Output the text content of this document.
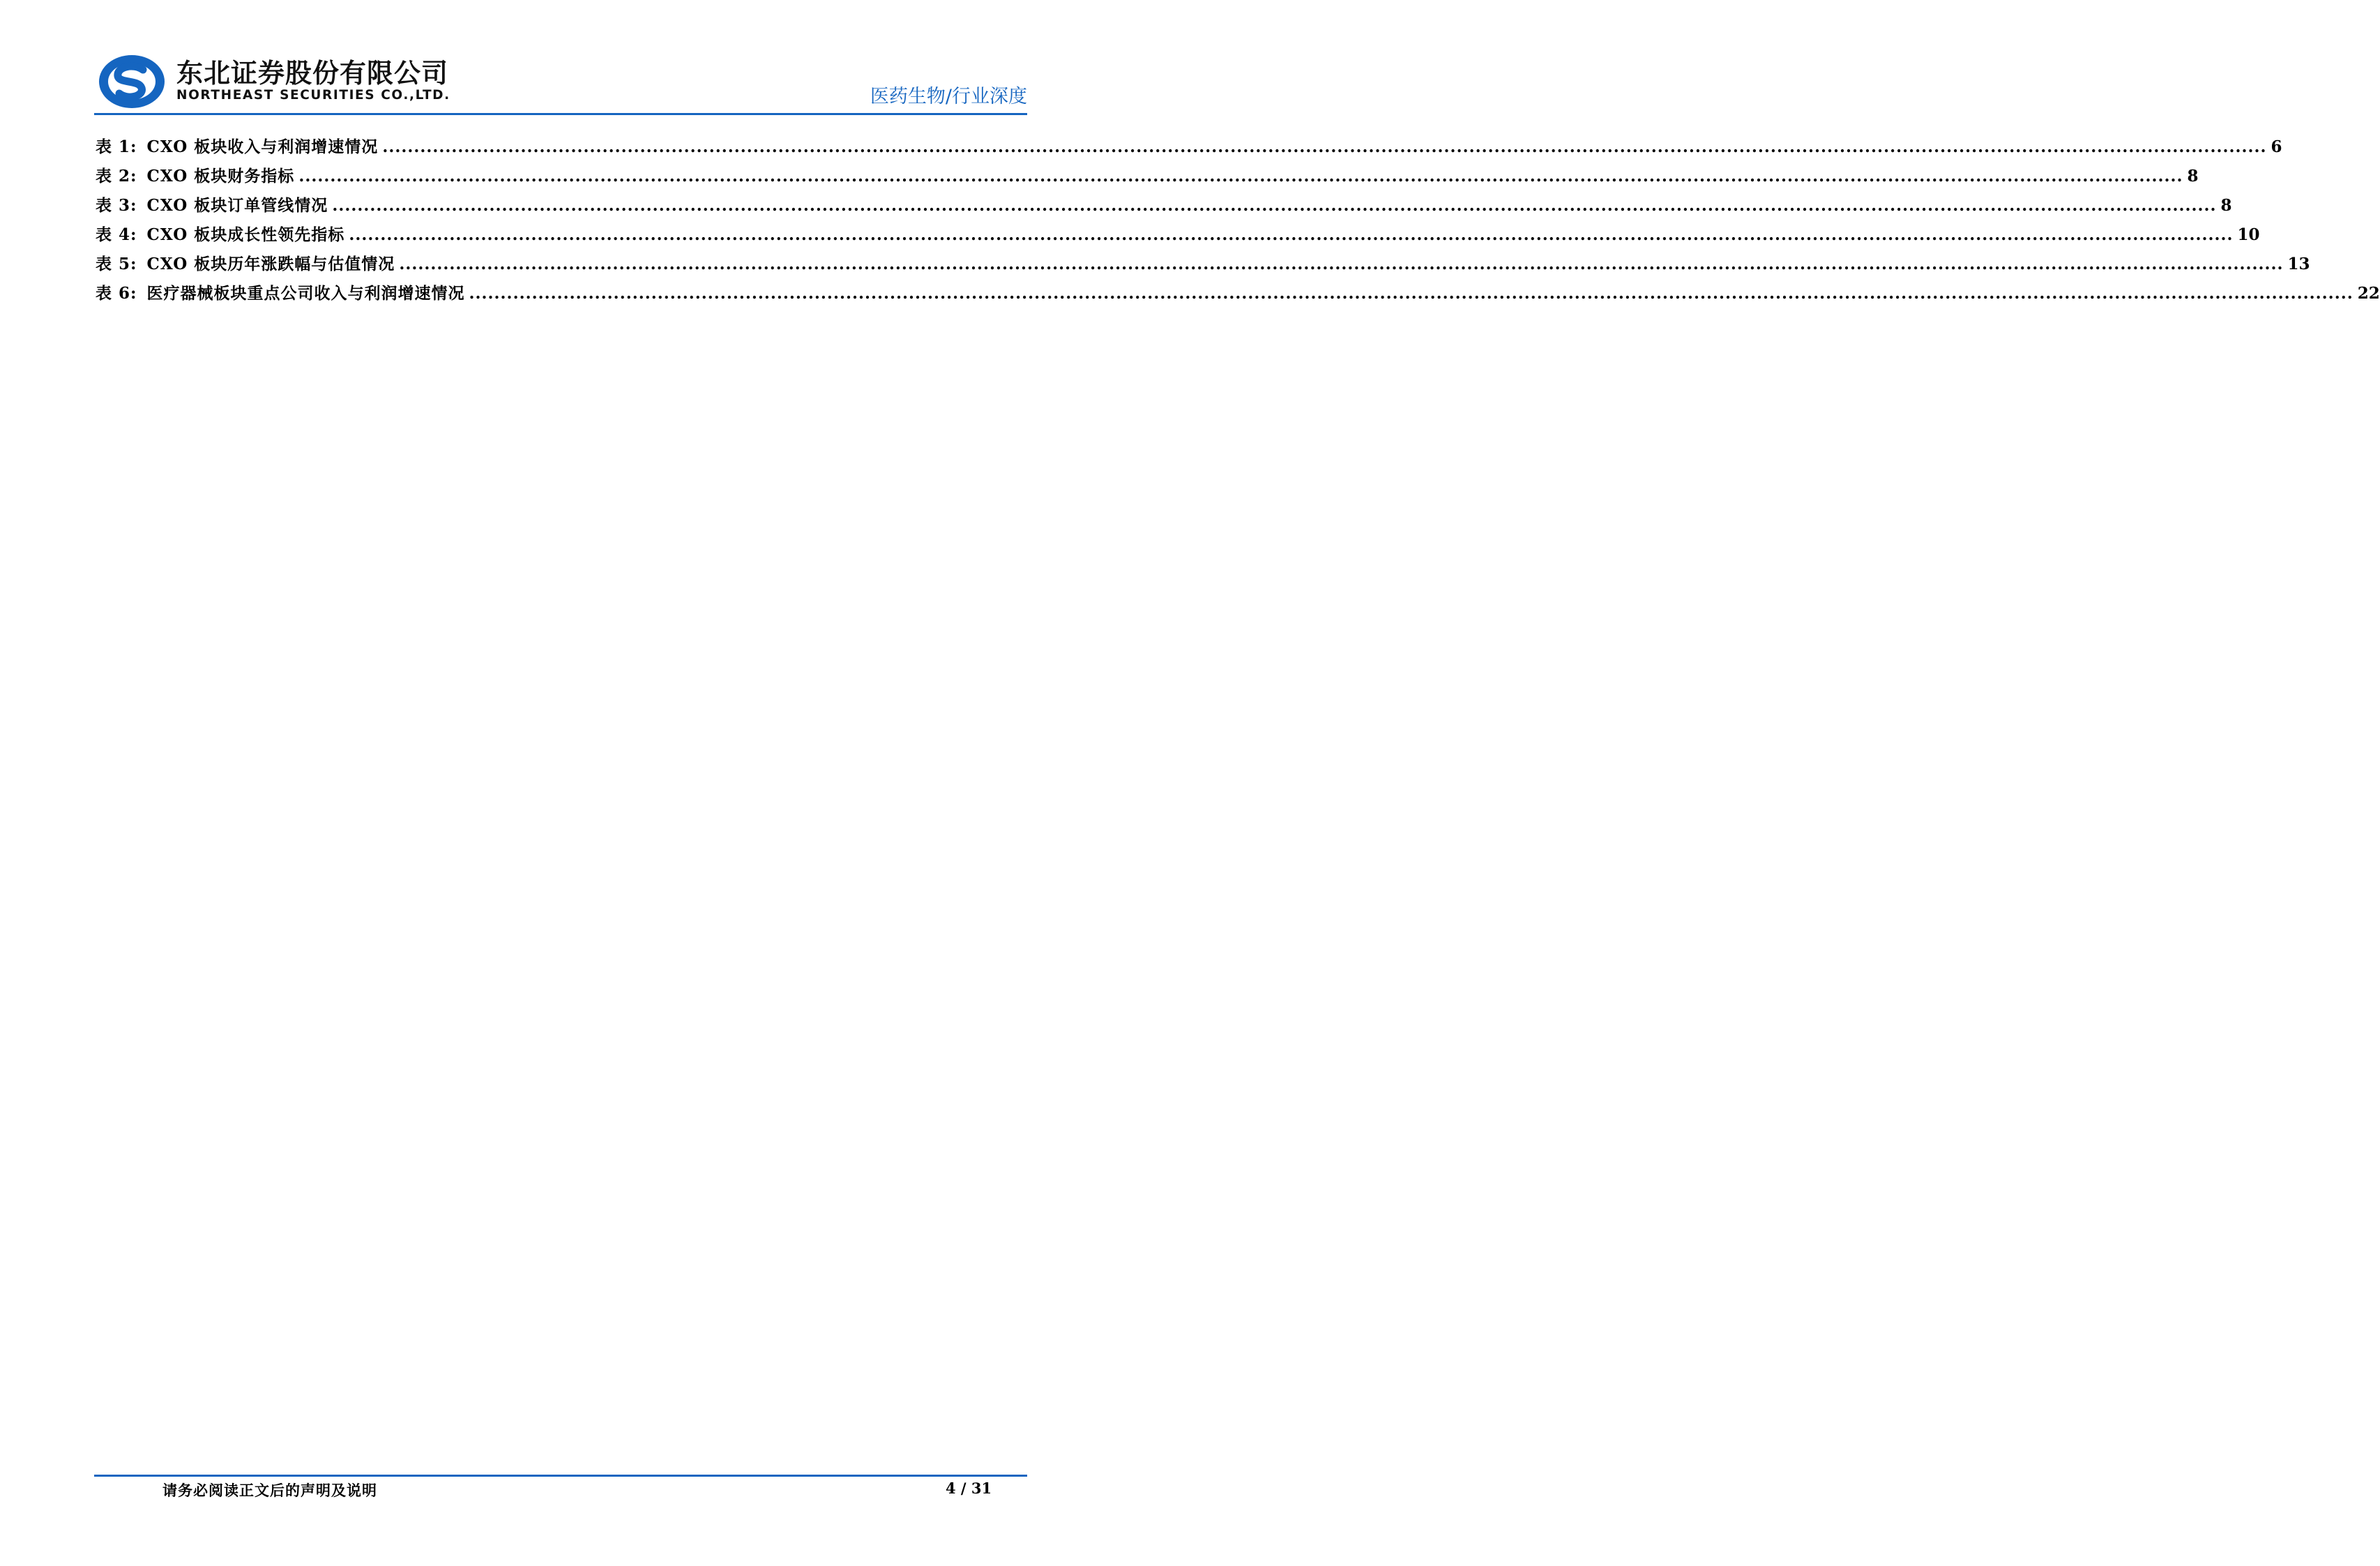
东北证券股份有限公司
NORTHEAST SECURITIES CO.,LTD.	医药生物/行业深度
表 1: CXO 板块收入与利润增速情况 ............................................................................................................................................................................................................................................................................................................ 6
表 2: CXO 板块财务指标 ............................................................................................................................................................................................................................................................................................................ 8
表 3: CXO 板块订单管线情况 ............................................................................................................................................................................................................................................................................................................ 8
表 4: CXO 板块成长性领先指标 ............................................................................................................................................................................................................................................................................................................ 10
表 5: CXO 板块历年涨跌幅与估值情况 ............................................................................................................................................................................................................................................................................................................ 13
表 6: 医疗器械板块重点公司收入与利润增速情况 ............................................................................................................................................................................................................................................................................................................ 22
请务必阅读正文后的声明及说明	4 / 31
